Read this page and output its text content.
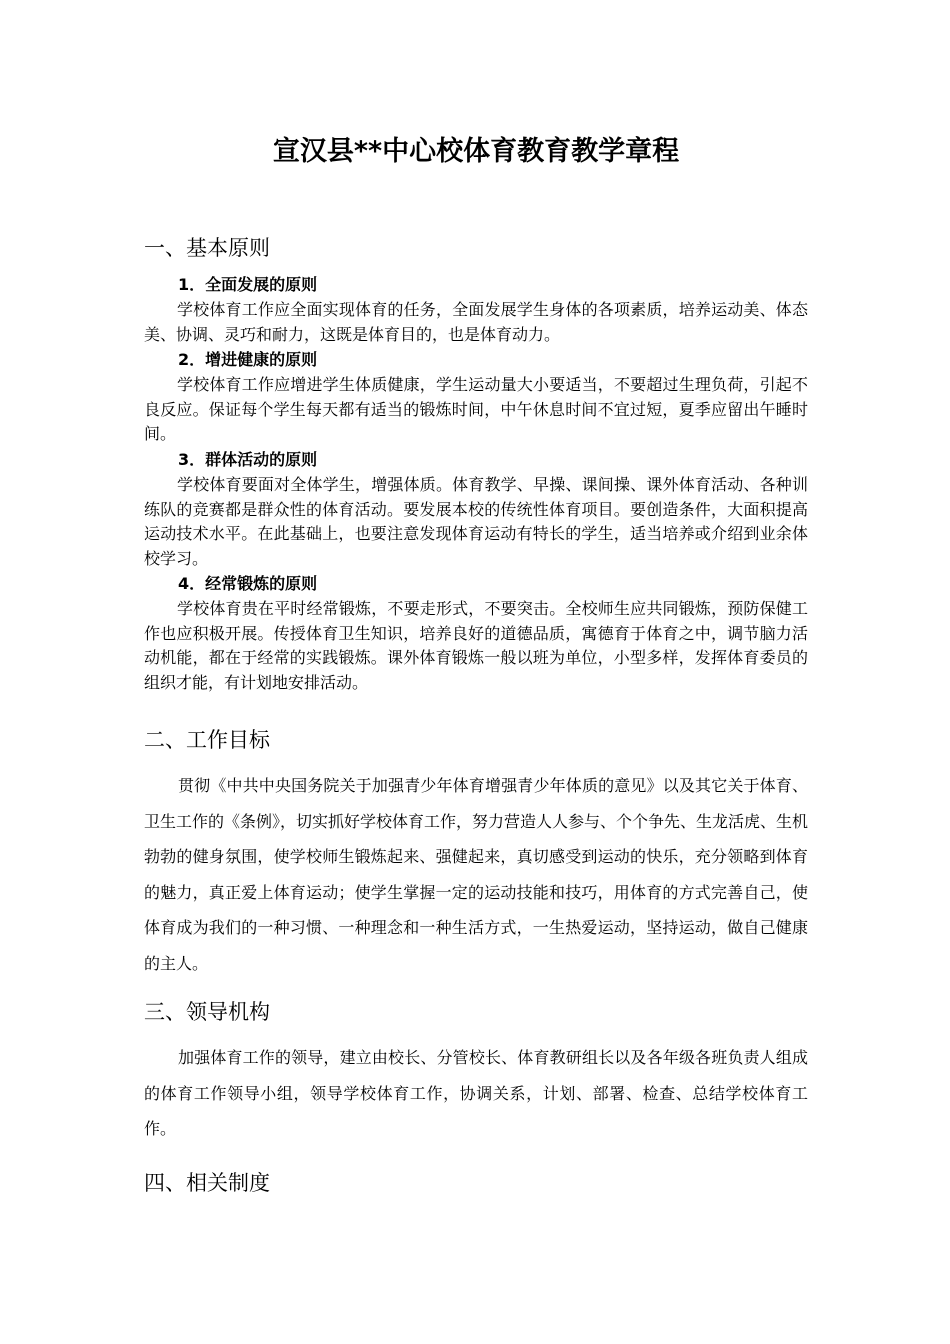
宣汉县**中心校体育教育教学章程
一、基本原则
1．全面发展的原则

学校体育工作应全面实现体育的任务，全面发展学生身体的各项素质，培养运动美、体态美、协调、灵巧和耐力，这既是体育目的，也是体育动力。

2．增进健康的原则

学校体育工作应增进学生体质健康，学生运动量大小要适当，不要超过生理负荷，引起不良反应。保证每个学生每天都有适当的锻炼时间，中午休息时间不宜过短，夏季应留出午睡时间。

3．群体活动的原则

学校体育要面对全体学生，增强体质。体育教学、早操、课间操、课外体育活动、各种训练队的竞赛都是群众性的体育活动。要发展本校的传统性体育项目。要创造条件，大面积提高运动技术水平。在此基础上，也要注意发现体育运动有特长的学生，适当培养或介绍到业余体校学习。

4．经常锻炼的原则

学校体育贵在平时经常锻炼，不要走形式，不要突击。全校师生应共同锻炼，预防保健工作也应积极开展。传授体育卫生知识，培养良好的道德品质，寓德育于体育之中，调节脑力活动机能，都在于经常的实践锻炼。课外体育锻炼一般以班为单位，小型多样，发挥体育委员的组织才能，有计划地安排活动。

二、工作目标

贯彻《中共中央国务院关于加强青少年体育增强青少年体质的意见》以及其它关于体育、卫生工作的《条例》，切实抓好学校体育工作，努力营造人人参与、个个争先、生龙活虎、生机勃勃的健身氛围，使学校师生锻炼起来、强健起来，真切感受到运动的快乐，充分领略到体育的魅力，真正爱上体育运动；使学生掌握一定的运动技能和技巧，用体育的方式完善自己，使体育成为我们的一种习惯、一种理念和一种生活方式，一生热爱运动，坚持运动，做自己健康的主人。

三、领导机构

加强体育工作的领导，建立由校长、分管校长、体育教研组长以及各年级各班负责人组成的体育工作领导小组，领导学校体育工作，协调关系，计划、部署、检查、总结学校体育工作。

四、相关制度
